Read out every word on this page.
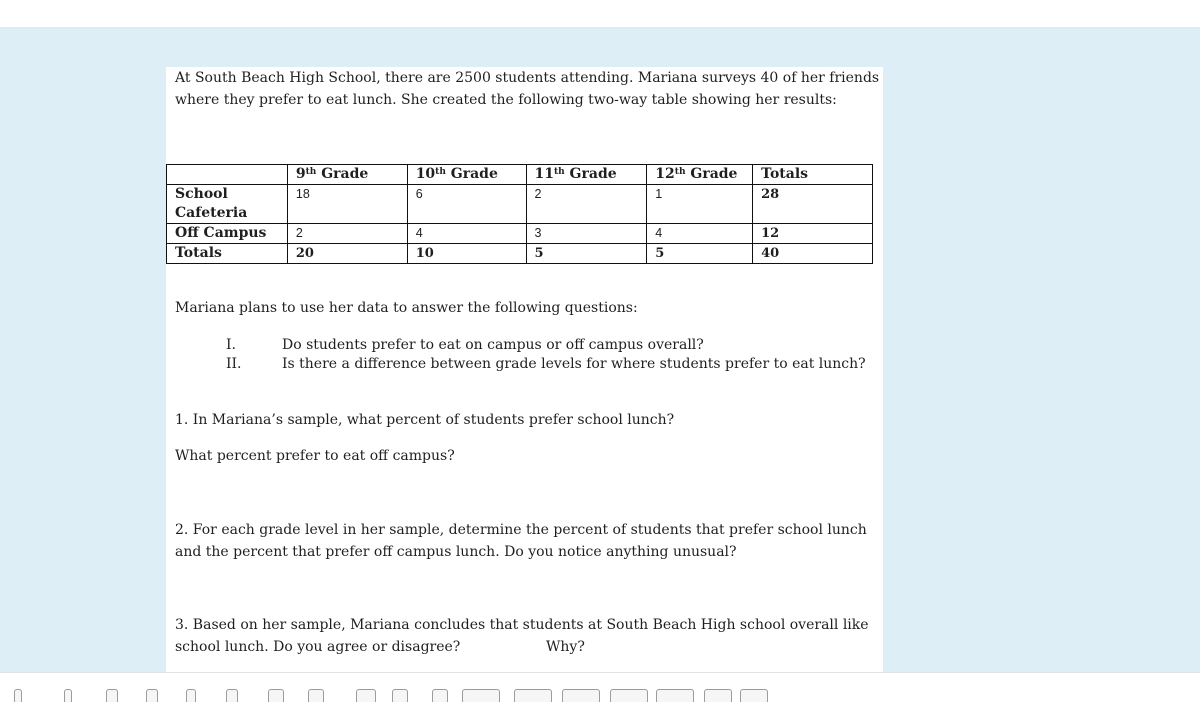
At South Beach High School, there are 2500 students attending. Mariana surveys 40 of her friends
where they prefer to eat lunch. She created the following two-way table showing her results:
	9th Grade	10th Grade	11th Grade	12th Grade	Totals

School
Cafeteria	18	6	2	1	28
Off Campus	2	4	3	4	12
Totals	20	10	5	5	40
Mariana plans to use her data to answer the following questions:
I.	Do students prefer to eat on campus or off campus overall?
II.	Is there a difference between grade levels for where students prefer to eat lunch?
1. In Mariana’s sample, what percent of students prefer school lunch?
What percent prefer to eat off campus?
2. For each grade level in her sample, determine the percent of students that prefer school lunch
and the percent that prefer off campus lunch. Do you notice anything unusual?
3. Based on her sample, Mariana concludes that students at South Beach High school overall like
school lunch. Do you agree or disagree?	Why?
